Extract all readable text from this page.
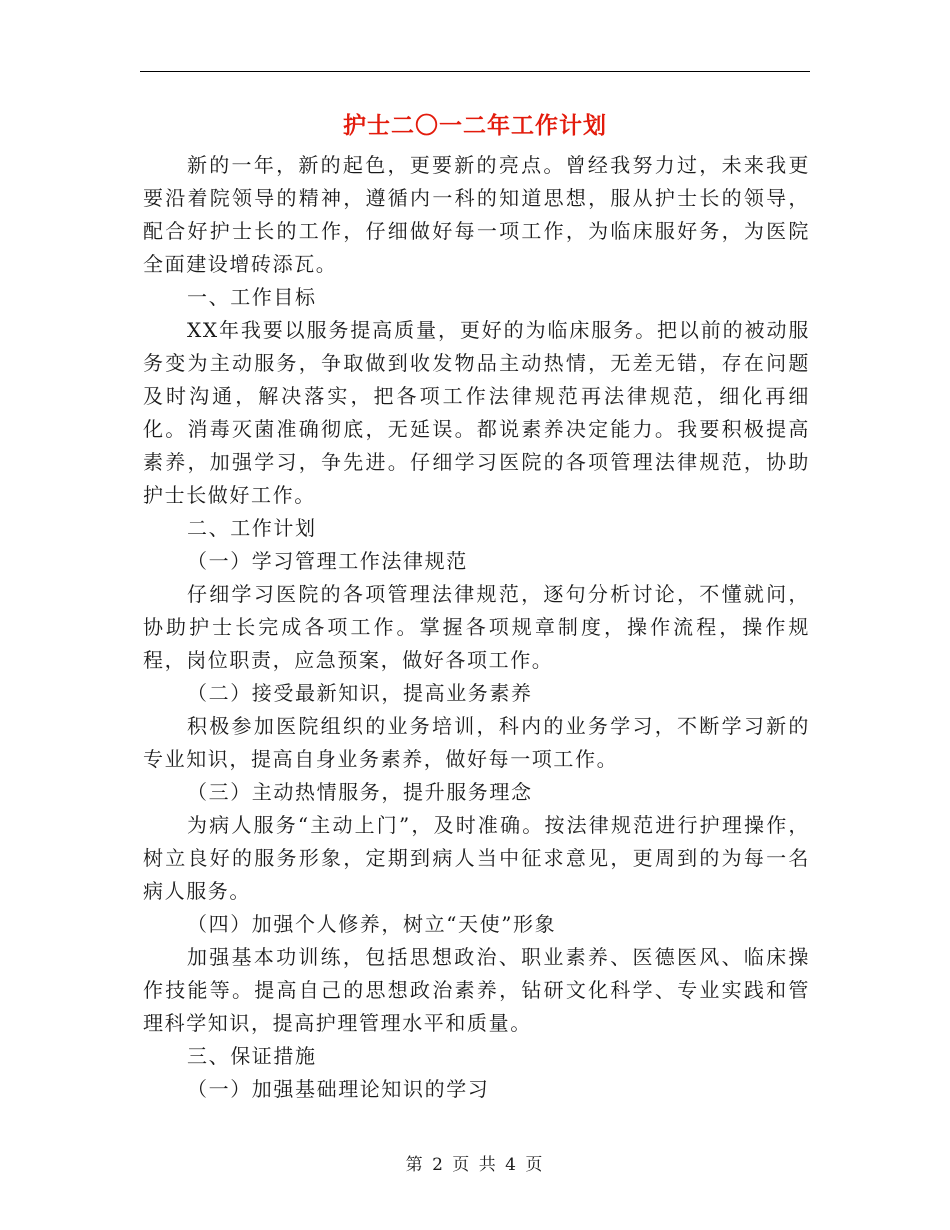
护士二〇一二年工作计划

新的一年，新的起色，更要新的亮点。曾经我努力过，未来我更要沿着院领导的精神，遵循内一科的知道思想，服从护士长的领导，配合好护士长的工作，仔细做好每一项工作，为临床服好务，为医院全面建设增砖添瓦。

一、工作目标

XX年我要以服务提高质量，更好的为临床服务。把以前的被动服务变为主动服务，争取做到收发物品主动热情，无差无错，存在问题及时沟通，解决落实，把各项工作法律规范再法律规范，细化再细化。消毒灭菌准确彻底，无延误。都说素养决定能力。我要积极提高素养，加强学习，争先进。仔细学习医院的各项管理法律规范，协助护士长做好工作。

二、工作计划

（一）学习管理工作法律规范

仔细学习医院的各项管理法律规范，逐句分析讨论，不懂就问，协助护士长完成各项工作。掌握各项规章制度，操作流程，操作规程，岗位职责，应急预案，做好各项工作。

（二）接受最新知识，提高业务素养

积极参加医院组织的业务培训，科内的业务学习，不断学习新的专业知识，提高自身业务素养，做好每一项工作。

（三）主动热情服务，提升服务理念

为病人服务“主动上门”，及时准确。按法律规范进行护理操作，树立良好的服务形象，定期到病人当中征求意见，更周到的为每一名病人服务。

（四）加强个人修养，树立“天使”形象

加强基本功训练，包括思想政治、职业素养、医德医风、临床操作技能等。提高自己的思想政治素养，钻研文化科学、专业实践和管理科学知识，提高护理管理水平和质量。

三、保证措施

（一）加强基础理论知识的学习

第 2 页 共 4 页
